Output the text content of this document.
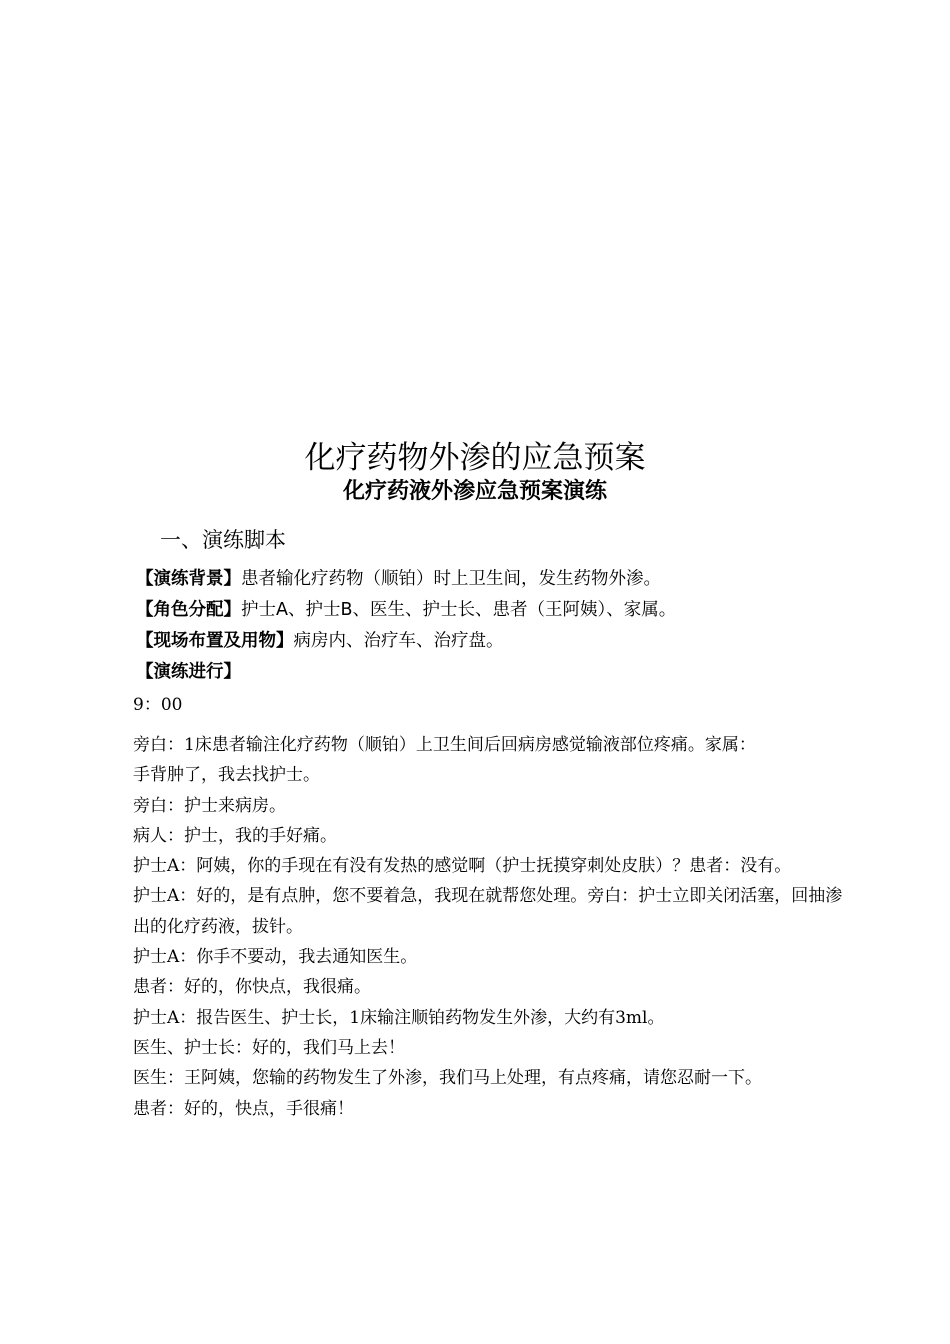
化疗药物外渗的应急预案
化疗药液外渗应急预案演练
一、演练脚本
【演练背景】患者输化疗药物（顺铂）时上卫生间，发生药物外渗。
【角色分配】护士A、护士B、医生、护士长、患者（王阿姨）、家属。
【现场布置及用物】病房内、治疗车、治疗盘。
【演练进行】
9：00

旁白：1床患者输注化疗药物（顺铂）上卫生间后回病房感觉输液部位疼痛。家属：

手背肿了，我去找护士。

旁白：护士来病房。

病人：护士，我的手好痛。

护士A：阿姨，你的手现在有没有发热的感觉啊（护士抚摸穿刺处皮肤）？患者：没有。

护士A：好的，是有点肿，您不要着急，我现在就帮您处理。旁白：护士立即关闭活塞，回抽渗出的化疗药液，拔针。

护士A：你手不要动，我去通知医生。

患者：好的，你快点，我很痛。

护士A：报告医生、护士长，1床输注顺铂药物发生外渗，大约有3ml。

医生、护士长：好的，我们马上去！

医生：王阿姨，您输的药物发生了外渗，我们马上处理，有点疼痛，请您忍耐一下。

患者：好的，快点，手很痛！
